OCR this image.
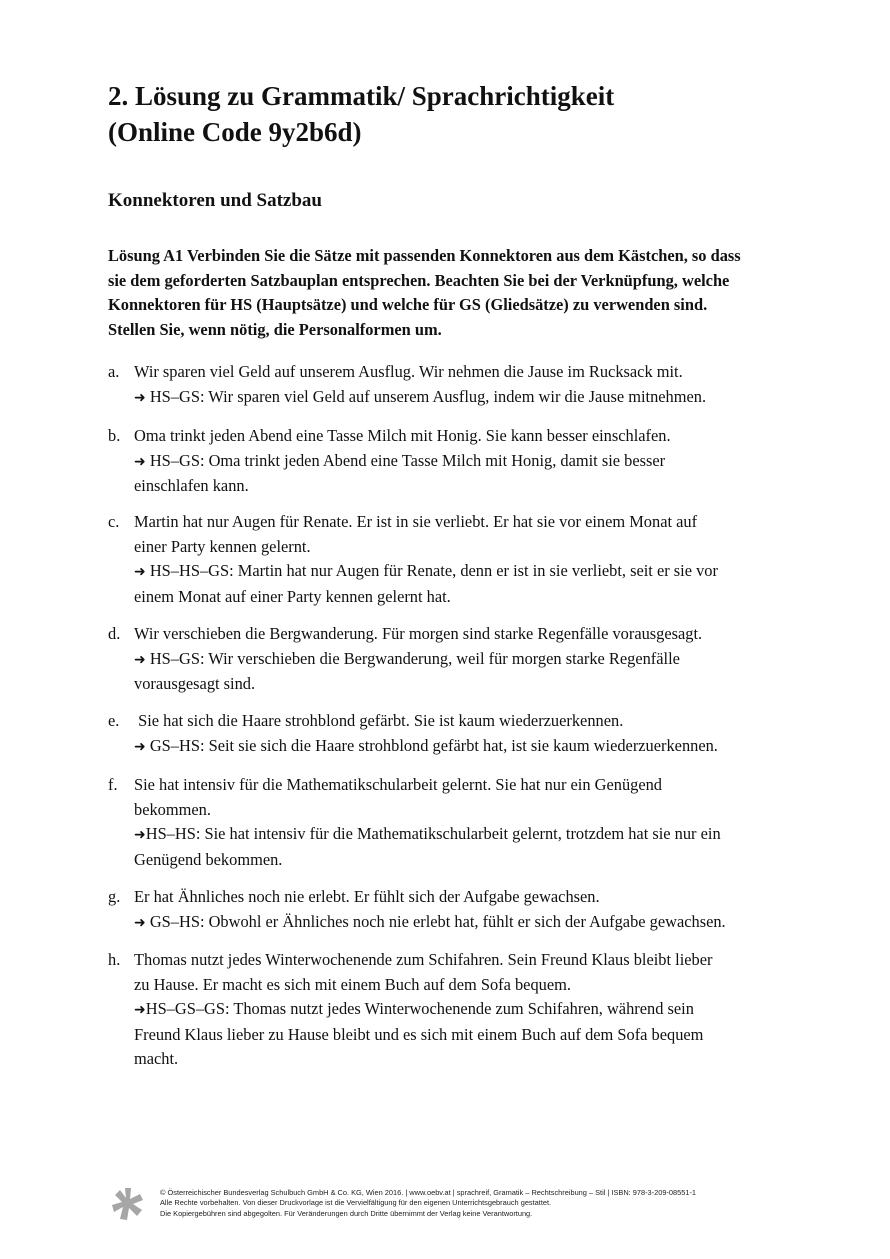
2. Lösung zu Grammatik/ Sprachrichtigkeit
(Online Code 9y2b6d)
Konnektoren und Satzbau

Lösung A1 Verbinden Sie die Sätze mit passenden Konnektoren aus dem Kästchen, so dass
sie dem geforderten Satzbauplan entsprechen. Beachten Sie bei der Verknüpfung, welche
Konnektoren für HS (Hauptsätze) und welche für GS (Gliedsätze) zu verwenden sind.
Stellen Sie, wenn nötig, die Personalformen um.

a. Wir sparen viel Geld auf unserem Ausflug. Wir nehmen die Jause im Rucksack mit.
➜ HS–GS: Wir sparen viel Geld auf unserem Ausflug, indem wir die Jause mitnehmen.
b. Oma trinkt jeden Abend eine Tasse Milch mit Honig. Sie kann besser einschlafen.
➜ HS–GS: Oma trinkt jeden Abend eine Tasse Milch mit Honig, damit sie besser
einschlafen kann.
c. Martin hat nur Augen für Renate. Er ist in sie verliebt. Er hat sie vor einem Monat auf
einer Party kennen gelernt.
➜ HS–HS–GS: Martin hat nur Augen für Renate, denn er ist in sie verliebt, seit er sie vor
einem Monat auf einer Party kennen gelernt hat.
d. Wir verschieben die Bergwanderung. Für morgen sind starke Regenfälle vorausgesagt.
➜ HS–GS: Wir verschieben die Bergwanderung, weil für morgen starke Regenfälle
vorausgesagt sind.
e. Sie hat sich die Haare strohblond gefärbt. Sie ist kaum wiederzuerkennen.
➜ GS–HS: Seit sie sich die Haare strohblond gefärbt hat, ist sie kaum wiederzuerkennen.
f.	Sie hat intensiv für die Mathematikschularbeit gelernt. Sie hat nur ein Genügend
bekommen.
➜HS–HS: Sie hat intensiv für die Mathematikschularbeit gelernt, trotzdem hat sie nur ein
Genügend bekommen.
g. Er hat Ähnliches noch nie erlebt. Er fühlt sich der Aufgabe gewachsen.
➜ GS–HS: Obwohl er Ähnliches noch nie erlebt hat, fühlt er sich der Aufgabe gewachsen.
h. Thomas nutzt jedes Winterwochenende zum Schifahren. Sein Freund Klaus bleibt lieber
zu Hause. Er macht es sich mit einem Buch auf dem Sofa bequem.
➜HS–GS–GS: Thomas nutzt jedes Winterwochenende zum Schifahren, während sein
Freund Klaus lieber zu Hause bleibt und es sich mit einem Buch auf dem Sofa bequem
macht.
© Österreichischer Bundesverlag Schulbuch GmbH & Co. KG, Wien 2016. | www.oebv.at | sprachreif, Gramatik – Rechtschreibung – Stil | ISBN: 978-3-209-08551-1
Alle Rechte vorbehalten. Von dieser Druckvorlage ist die Vervielfältigung für den eigenen Unterrichtsgebrauch gestattet.
Die Kopiergebühren sind abgegolten. Für Veränderungen durch Dritte übernimmt der Verlag keine Verantwortung.
